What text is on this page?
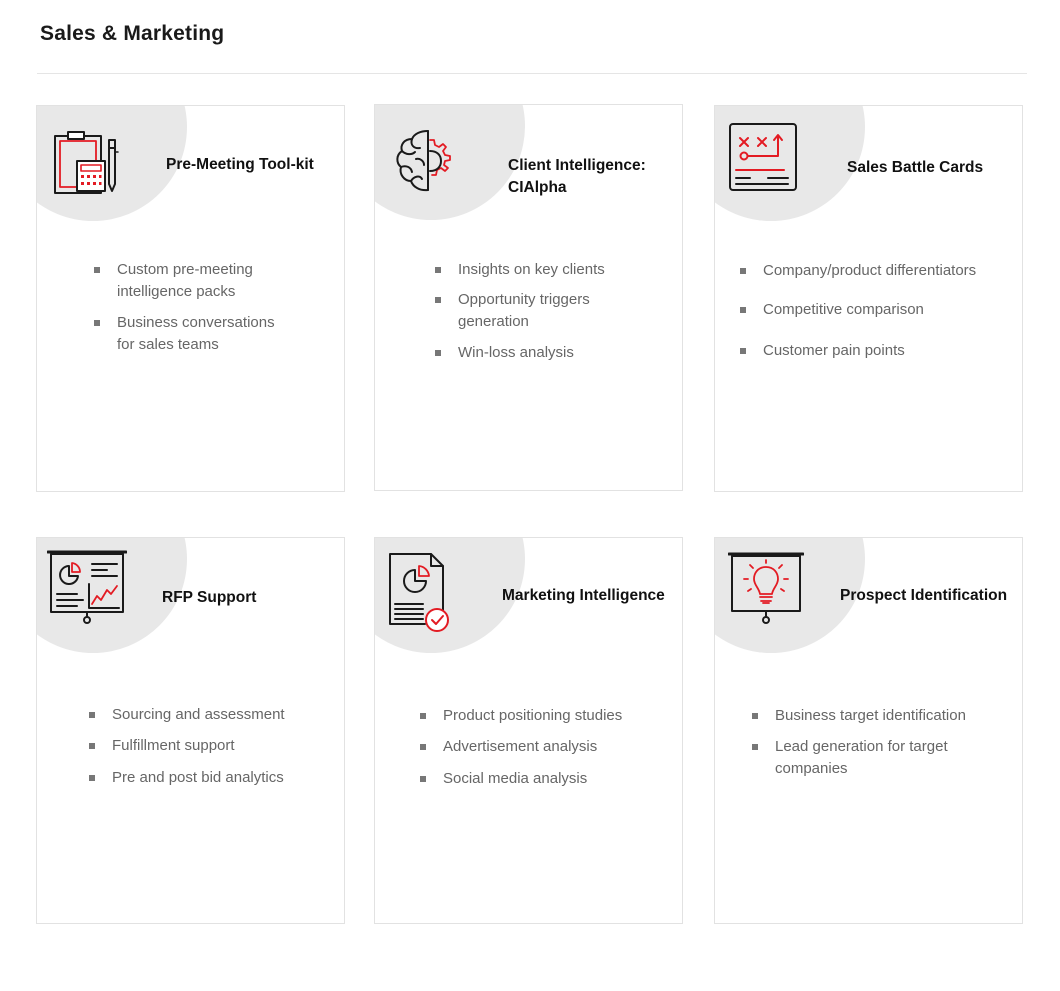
Sales & Marketing
Pre-Meeting Tool-kit
Custom pre-meeting intelligence packs
Business conversations for sales teams
Client Intelligence: CIAlpha
Insights on key clients
Opportunity triggers generation
Win-loss analysis
Sales Battle Cards
Company/product differentiators
Competitive comparison
Customer pain points
RFP Support
Sourcing and assessment
Fulfillment support
Pre and post bid analytics
Marketing Intelligence
Product positioning studies
Advertisement analysis
Social media analysis
Prospect Identification
Business target identification
Lead generation for target companies
